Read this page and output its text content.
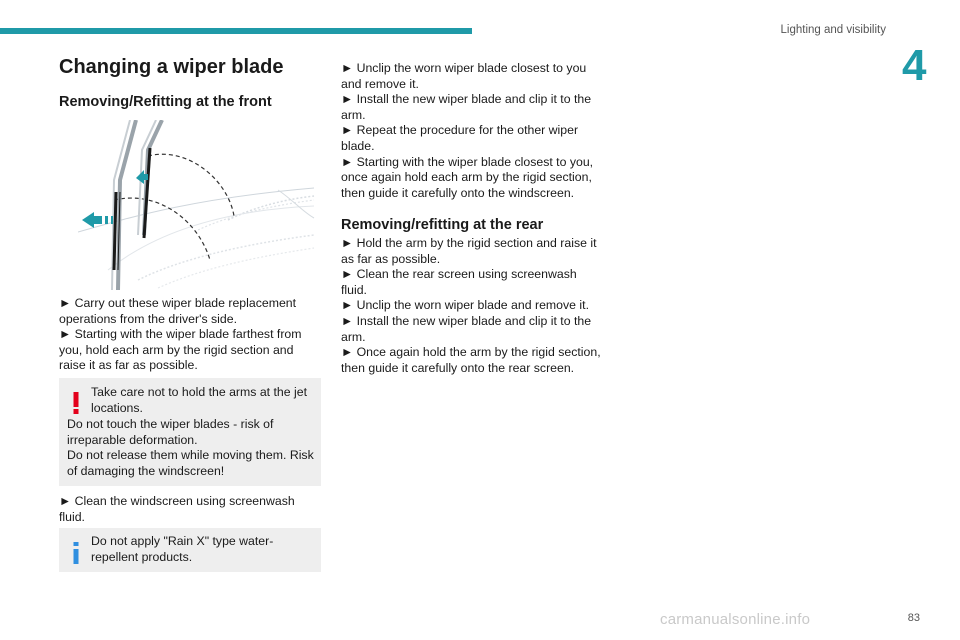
Lighting and visibility
4
Changing a wiper blade
Removing/Refitting at the front

► Carry out these wiper blade replacement operations from the driver's side.

► Starting with the wiper blade farthest from you, hold each arm by the rigid section and raise it as far as possible.

Take care not to hold the arms at the jet locations.
Do not touch the wiper blades - risk of irreparable deformation.
Do not release them while moving them. Risk of damaging the windscreen!
► Clean the windscreen using screenwash fluid.
Do not apply "Rain X" type water-repellent products.

► Unclip the worn wiper blade closest to you and remove it.

► Install the new wiper blade and clip it to the arm.

► Repeat the procedure for the other wiper blade.

► Starting with the wiper blade closest to you, once again hold each arm by the rigid section, then guide it carefully onto the windscreen.

Removing/refitting at the rear

► Hold the arm by the rigid section and raise it as far as possible.

► Clean the rear screen using screenwash fluid.

► Unclip the worn wiper blade and remove it.

► Install the new wiper blade and clip it to the arm.

► Once again hold the arm by the rigid section, then guide it carefully onto the rear screen.

carmanualsonline.info	83
